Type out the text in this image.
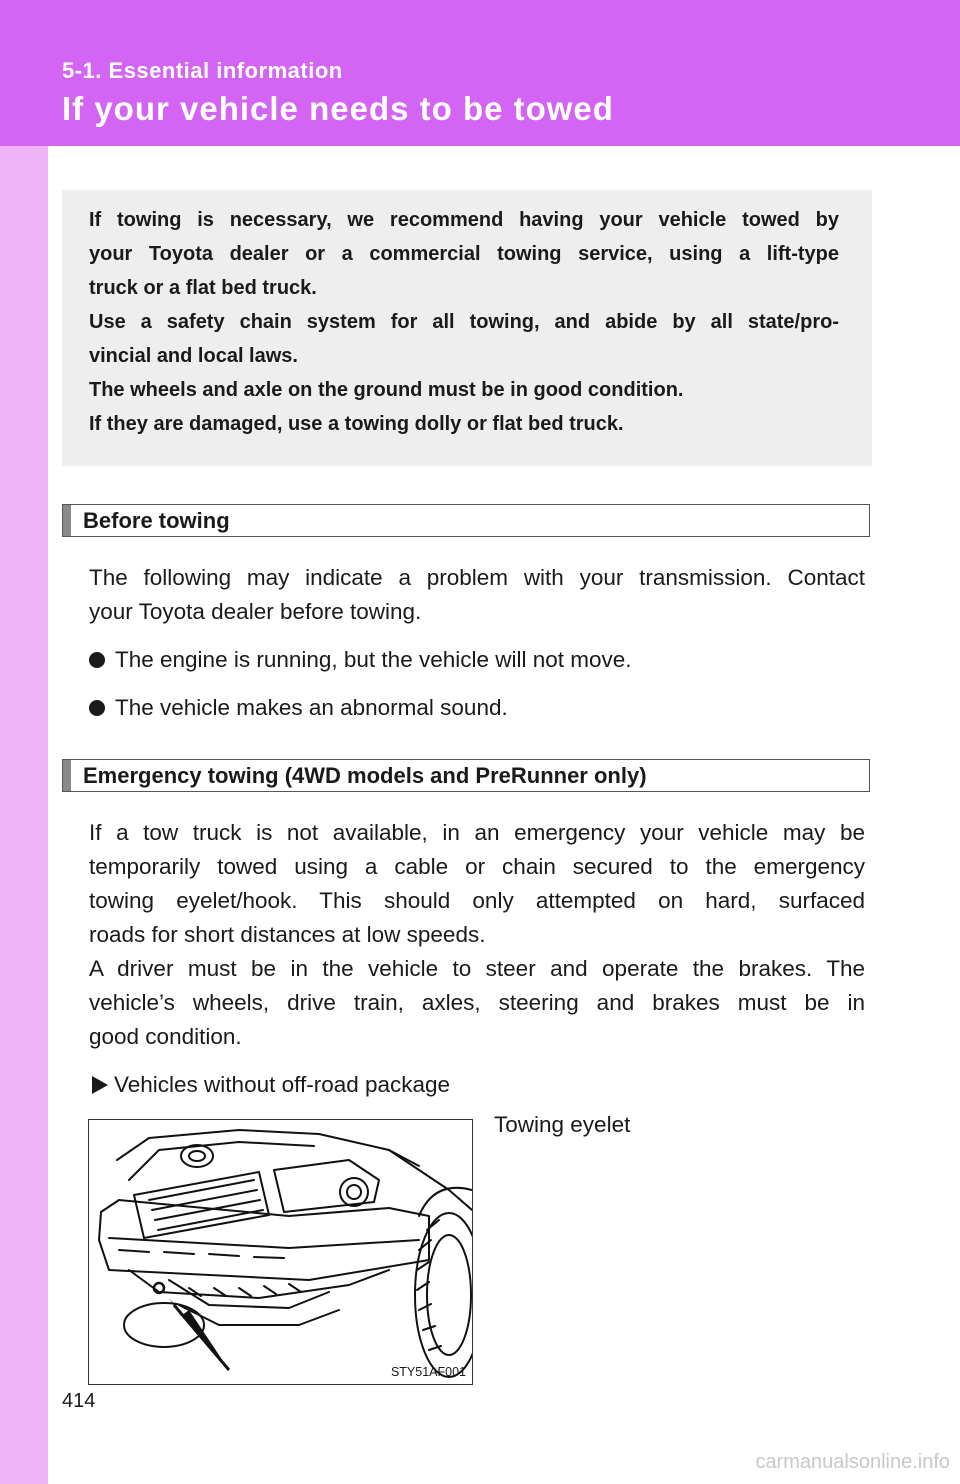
5-1. Essential information
If your vehicle needs to be towed
If towing is necessary, we recommend having your vehicle towed by
your Toyota dealer or a commercial towing service, using a lift-type
truck or a flat bed truck.
Use a safety chain system for all towing, and abide by all state/pro-
vincial and local laws.
The wheels and axle on the ground must be in good condition.
If they are damaged, use a towing dolly or flat bed truck.
Before towing
The following may indicate a problem with your transmission. Contact
your Toyota dealer before towing.
The engine is running, but the vehicle will not move.
The vehicle makes an abnormal sound.
Emergency towing (4WD models and PreRunner only)
If a tow truck is not available, in an emergency your vehicle may be
temporarily towed using a cable or chain secured to the emergency
towing eyelet/hook. This should only attempted on hard, surfaced
roads for short distances at low speeds.
A driver must be in the vehicle to steer and operate the brakes. The
vehicle’s wheels, drive train, axles, steering and brakes must be in
good condition.
Vehicles without off-road package
STY51AF001
Towing eyelet
414
carmanualsonline.info
